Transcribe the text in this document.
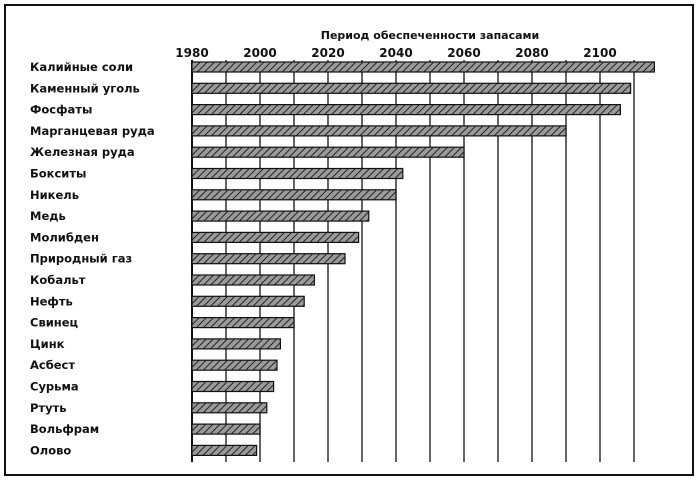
Период обеспеченности запасами
1980	2000	2020	2040	2060	2080	2100
Калийные соли
Каменный уголь
Фосфаты
Марганцевая руда
Железная руда
Бокситы
Никель
Медь
Молибден
Природный газ
Кобальт
Нефть
Свинец
Цинк
Асбест
Сурьма
Ртуть
Вольфрам
Олово
